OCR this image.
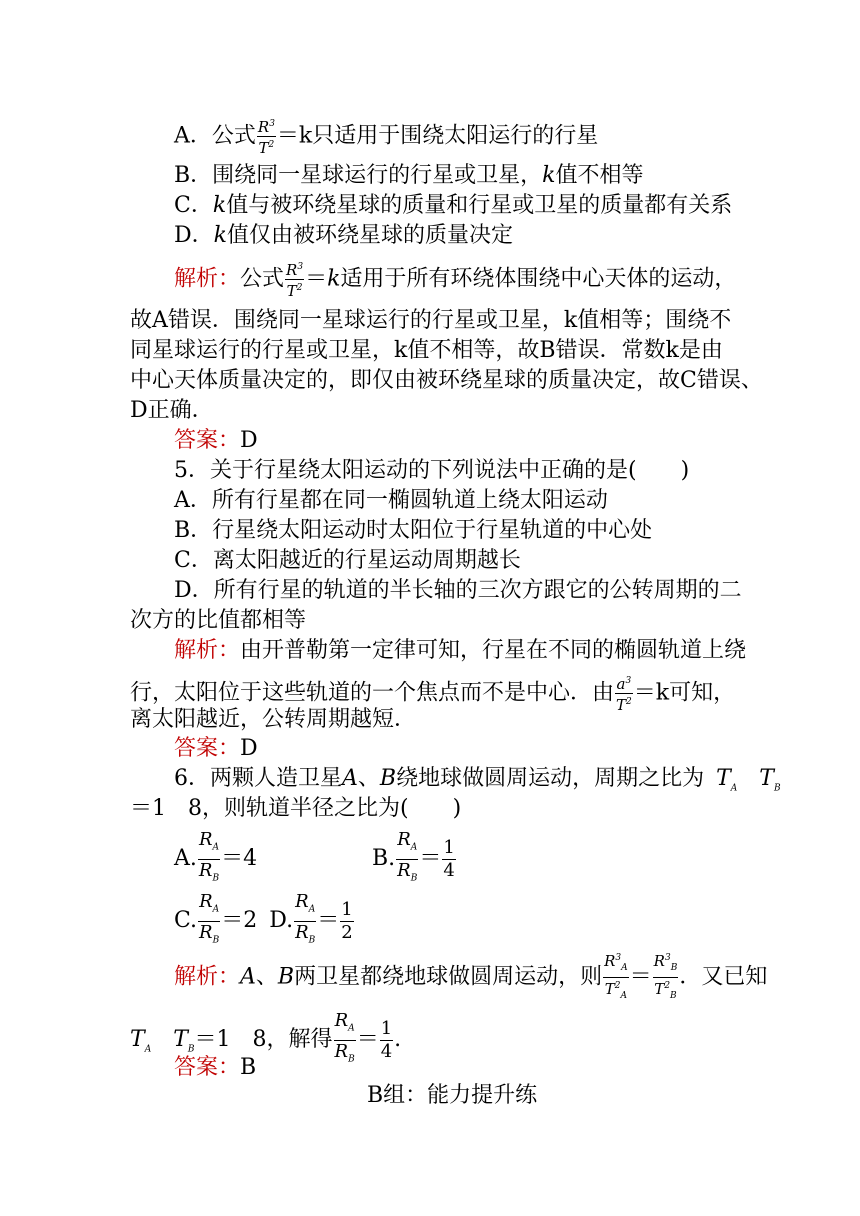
A．公式 $\frac{R^3}{T^2} =k$只适用于围绕太阳运行的行星
B．围绕同一星球运行的行星或卫星，k值不相等
C．k值与被环绕星球的质量和行星或卫星的质量都有关系
D．k值仅由被环绕星球的质量决定
解析：公式 $\frac{R^3}{T^2} =k$适用于所有环绕体围绕中心天体的运动，
故A错误．围绕同一星球运行的行星或卫星，k值相等；围绕不
同星球运行的行星或卫星，k值不相等，故B错误．常数k是由
中心天体质量决定的，即仅由被环绕星球的质量决定，故C错误、
D正确．
答案：D
5．关于行星绕太阳运动的下列说法中正确的是(　　)
A．所有行星都在同一椭圆轨道上绕太阳运动
B．行星绕太阳运动时太阳位于行星轨道的中心处
C．离太阳越近的行星运动周期越长
D．所有行星的轨道的半长轴的三次方跟它的公转周期的二
次方的比值都相等
解析：由开普勒第一定律可知，行星在不同的椭圆轨道上绕
行，太阳位于这些轨道的一个焦点而不是中心．由 $\frac{a^3}{T^2} =k$可知，
离太阳越近，公转周期越短．
答案：D
6．两颗人造卫星A、B绕地球做圆周运动，周期之比为 $T_A$ $T_B$
＝1　8，则轨道半径之比为(　　)
A. $\frac{R_A}{R_B} =4$	B. $\frac{R_A}{R_B} = \frac{1}{4}$
C. $\frac{R_A}{R_B} =2$ D. $\frac{R_A}{R_B} = \frac{1}{2}$
解析：A、B两卫星都绕地球做圆周运动，则 $\frac{R^3_A}{T^2_A} = \frac{R^3_B}{T^2_B}$ ．又已知
$T_A$ $T_B=1$　8，解得 $\frac{R_A}{R_B} = \frac{1}{4}$ .
答案：B
B组：能力提升练
